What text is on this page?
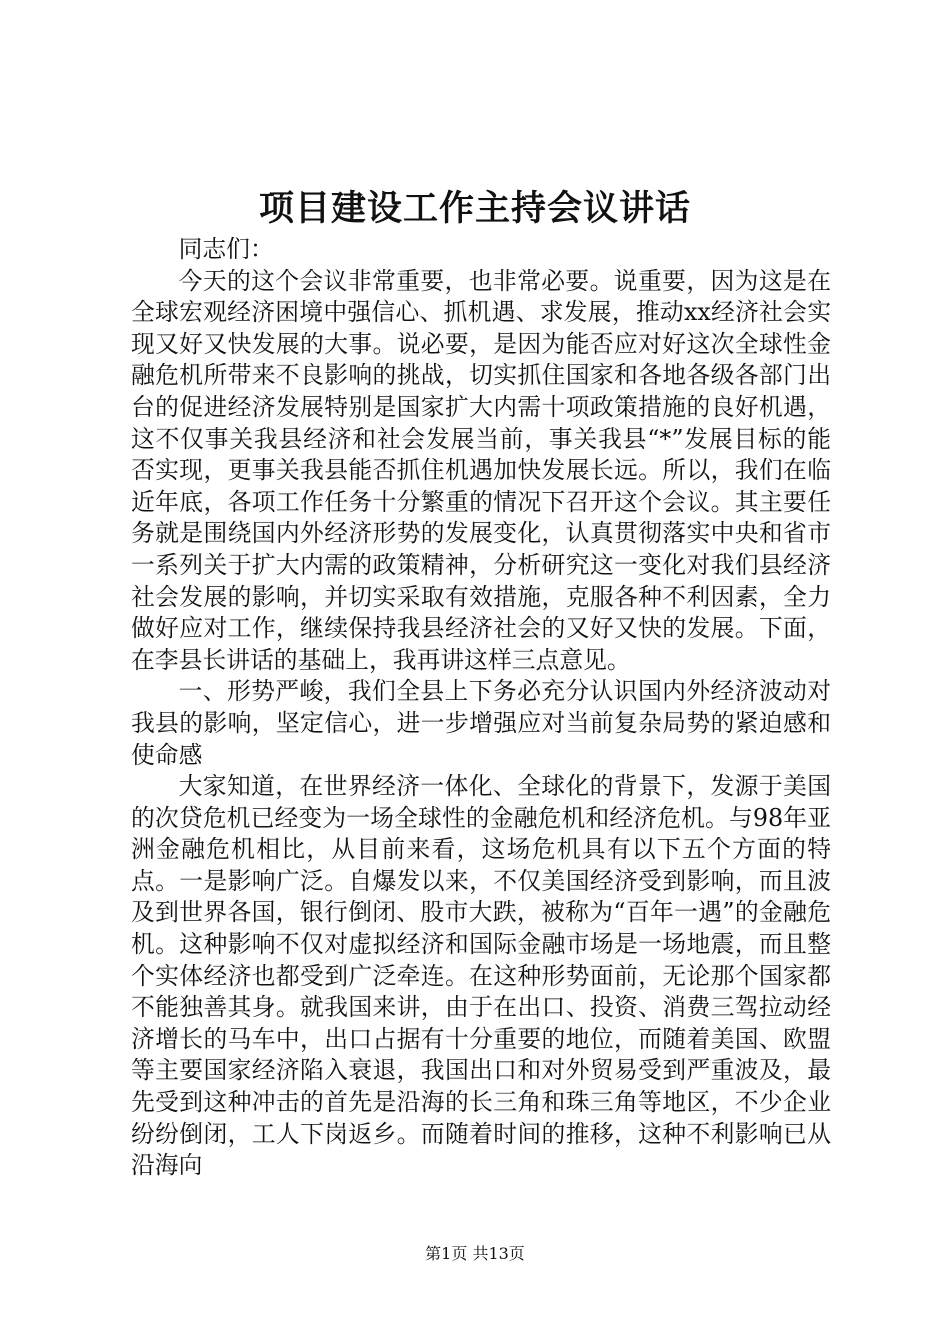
项目建设工作主持会议讲话

同志们：

今天的这个会议非常重要，也非常必要。说重要，因为这是在全球宏观经济困境中强信心、抓机遇、求发展，推动xx经济社会实现又好又快发展的大事。说必要，是因为能否应对好这次全球性金融危机所带来不良影响的挑战，切实抓住国家和各地各级各部门出台的促进经济发展特别是国家扩大内需十项政策措施的良好机遇，这不仅事关我县经济和社会发展当前，事关我县“*”发展目标的能否实现，更事关我县能否抓住机遇加快发展长远。所以，我们在临近年底，各项工作任务十分繁重的情况下召开这个会议。其主要任务就是围绕国内外经济形势的发展变化，认真贯彻落实中央和省市一系列关于扩大内需的政策精神，分析研究这一变化对我们县经济社会发展的影响，并切实采取有效措施，克服各种不利因素，全力做好应对工作，继续保持我县经济社会的又好又快的发展。下面，在李县长讲话的基础上，我再讲这样三点意见。

一、形势严峻，我们全县上下务必充分认识国内外经济波动对我县的影响，坚定信心，进一步增强应对当前复杂局势的紧迫感和使命感

大家知道，在世界经济一体化、全球化的背景下，发源于美国的次贷危机已经变为一场全球性的金融危机和经济危机。与98年亚洲金融危机相比，从目前来看，这场危机具有以下五个方面的特点。一是影响广泛。自爆发以来，不仅美国经济受到影响，而且波及到世界各国，银行倒闭、股市大跌，被称为“百年一遇”的金融危机。这种影响不仅对虚拟经济和国际金融市场是一场地震，而且整个实体经济也都受到广泛牵连。在这种形势面前，无论那个国家都不能独善其身。就我国来讲，由于在出口、投资、消费三驾拉动经济增长的马车中，出口占据有十分重要的地位，而随着美国、欧盟等主要国家经济陷入衰退，我国出口和对外贸易受到严重波及，最先受到这种冲击的首先是沿海的长三角和珠三角等地区，不少企业纷纷倒闭，工人下岗返乡。而随着时间的推移，这种不利影响已从沿海向

第1页 共13页
